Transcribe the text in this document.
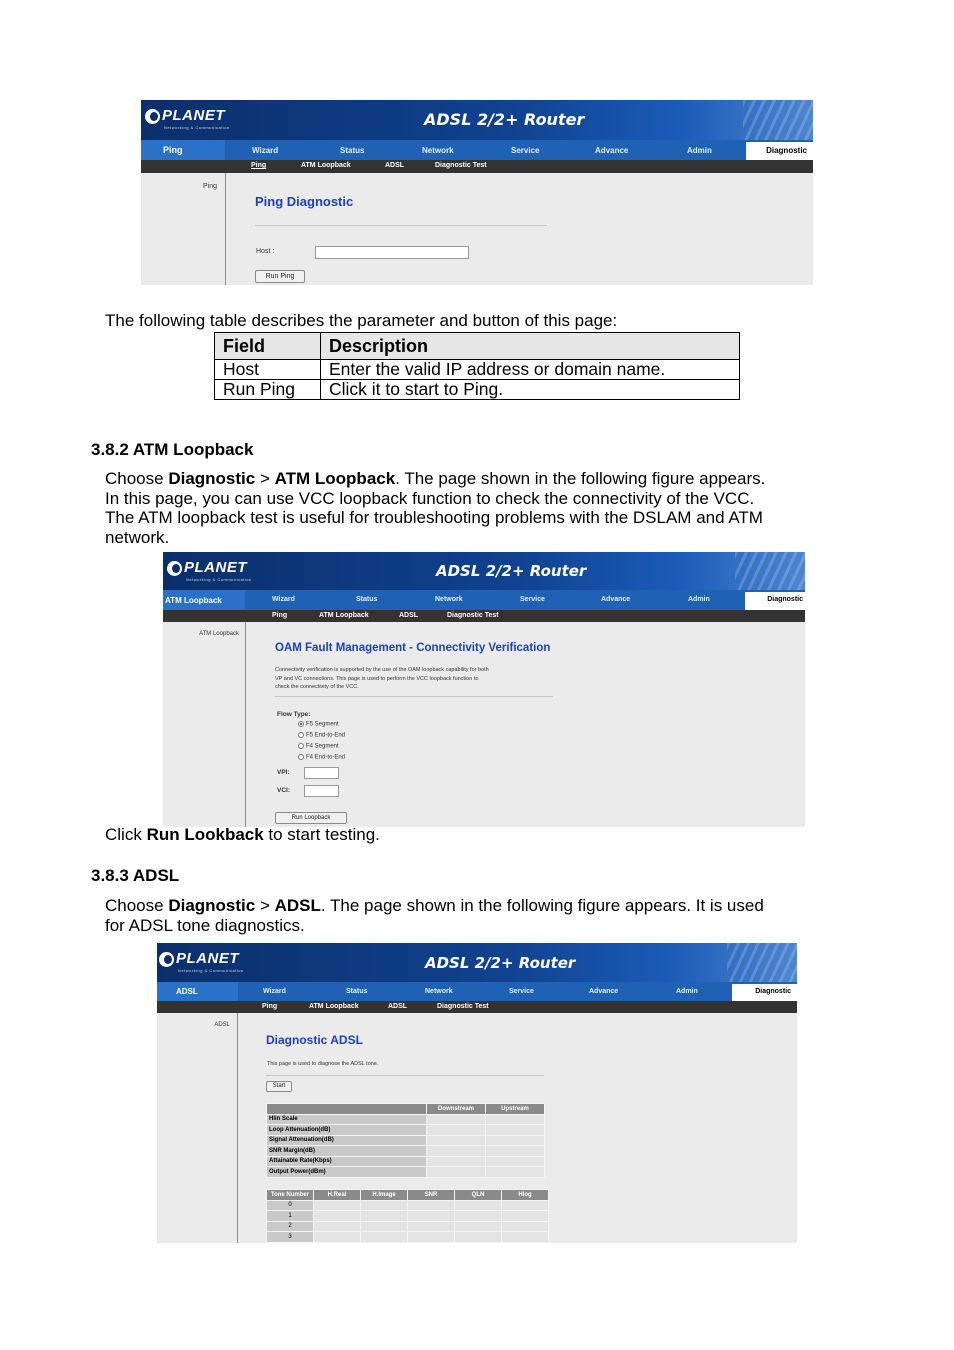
PLANET
Networking & Communication	ADSL 2/2+ Router
Ping	Wizard	Status	Network	Service	Advance	Admin	Diagnostic
Ping	ATM Loopback	ADSL	Diagnostic Test
Ping
Ping Diagnostic
Host :
Run Ping
The following table describes the parameter and button of this page:
Field	Description
Host	Enter the valid IP address or domain name.
Run Ping	Click it to start to Ping.
3.8.2 ATM Loopback
Choose Diagnostic > ATM Loopback. The page shown in the following figure appears.
In this page, you can use VCC loopback function to check the connectivity of the VCC.
The ATM loopback test is useful for troubleshooting problems with the DSLAM and ATM
network.
PLANET
Networking & Communication	ADSL 2/2+ Router
ATM Loopback	Wizard	Status	Network	Service	Advance	Admin	Diagnostic
Ping	ATM Loopback	ADSL	Diagnostic Test
ATM Loopback
OAM Fault Management - Connectivity Verification
Connectivity verification is supported by the use of the OAM loopback capability for both
VP and VC connections. This page is used to perform the VCC loopback function to
check the connectivity of the VCC.
Flow Type:
F5 Segment
F5 End-to-End
F4 Segment
F4 End-to-End
VPI:
VCI:
Run Loopback
Click Run Lookback to start testing.
3.8.3 ADSL
Choose Diagnostic > ADSL. The page shown in the following figure appears. It is used
for ADSL tone diagnostics.
PLANET
Networking & Communication	ADSL 2/2+ Router
ADSL	Wizard	Status	Network	Service	Advance	Admin	Diagnostic
Ping	ATM Loopback	ADSL	Diagnostic Test
ADSL
Diagnostic ADSL
This page is used to diagnose the ADSL tone.
Start
	Downstream	Upstream
Hlin Scale		
Loop Attenuation(dB)		
Signal Attenuation(dB)		
SNR Margin(dB)		
Attainable Rate(Kbps)		
Output Power(dBm)		
Tone Number	H.Real	H.Image	SNR	QLN	Hlog
0					
1					
2					
3					
